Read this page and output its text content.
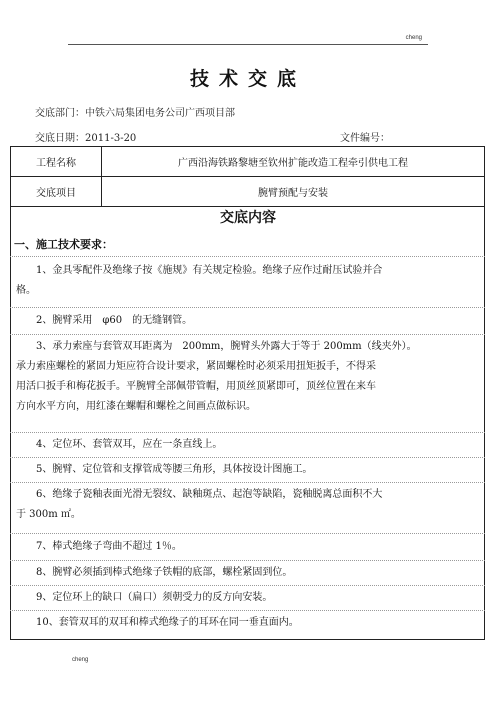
cheng
技术交底
交底部门：中铁六局集团电务公司广西项目部
交底日期：2011-3-20	文件编号：
工程名称	广西沿海铁路黎塘至钦州扩能改造工程牵引供电工程
交底项目	腕臂预配与安装
交底内容
一、施工技术要求：
1、金具零配件及绝缘子按《施规》有关规定检验。绝缘子应作过耐压试验并合
格。
2、腕臂采用　φ60　的无缝钢管。
3、承力索座与套管双耳距离为　200mm，腕臂头外露大于等于 200mm（线夹外）。
承力索座螺栓的紧固力矩应符合设计要求，紧固螺栓时必须采用扭矩扳手，不得采
用活口扳手和梅花扳手。平腕臂全部佩带管帽，用顶丝顶紧即可，顶丝位置在来车
方向水平方向，用红漆在螺帽和螺栓之间画点做标识。
4、定位环、套管双耳，应在一条直线上。
5、腕臂、定位管和支撑管成等腰三角形，具体按设计图施工。
6、绝缘子瓷釉表面光滑无裂纹、缺釉斑点、起泡等缺陷，瓷釉脱离总面积不大
于 300m ㎡。
7、棒式绝缘子弯曲不超过 1％。
8、腕臂必须插到棒式绝缘子铁帽的底部，螺栓紧固到位。
9、定位环上的缺口（扁口）须朝受力的反方向安装。
10、套管双耳的双耳和棒式绝缘子的耳环在同一垂直面内。
cheng
